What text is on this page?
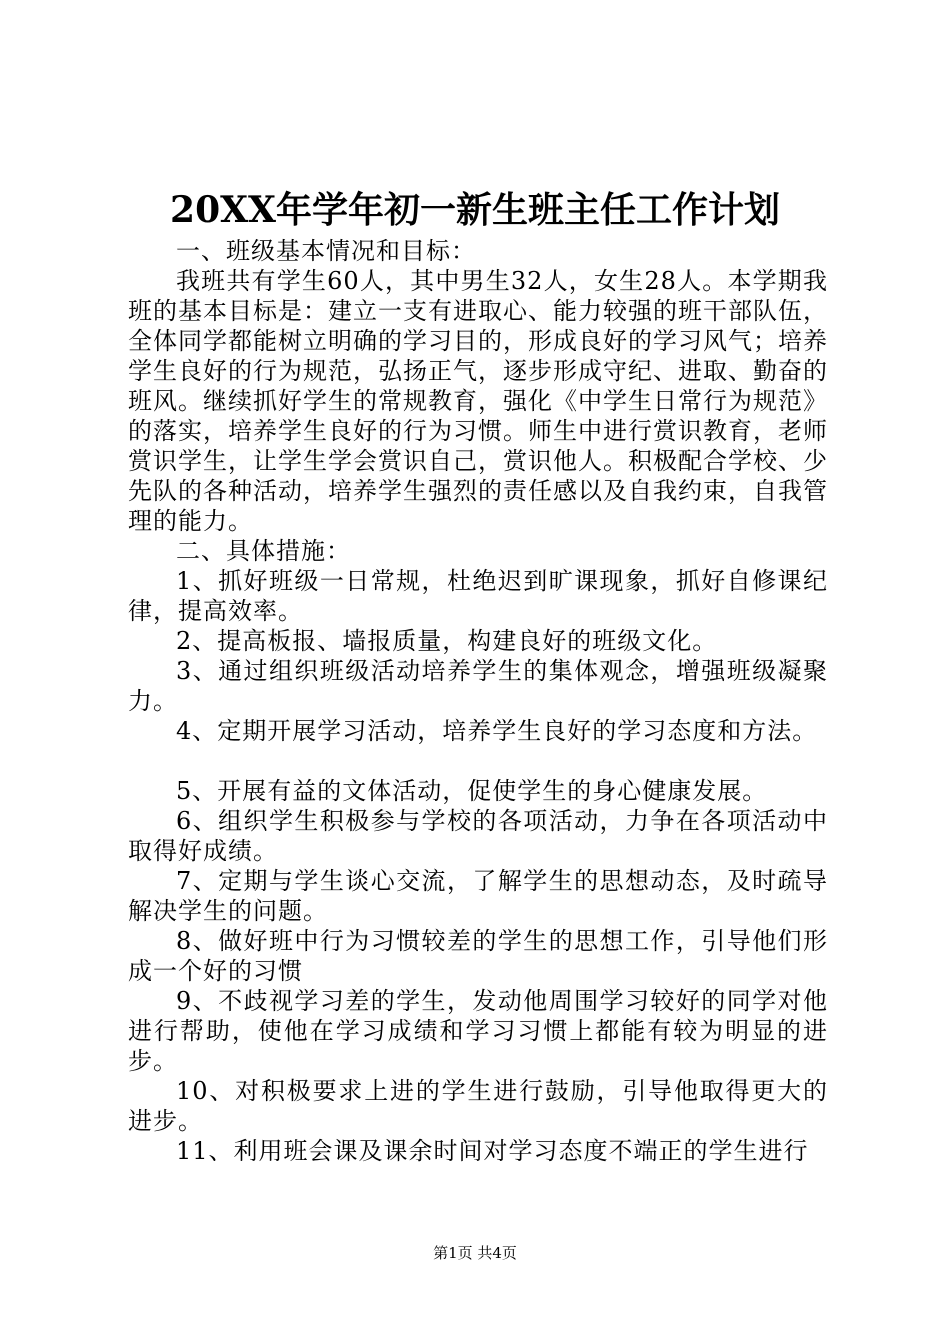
20XX年学年初一新生班主任工作计划

一、班级基本情况和目标：

我班共有学生60人，其中男生32人，女生28人。本学期我班的基本目标是：建立一支有进取心、能力较强的班干部队伍，全体同学都能树立明确的学习目的，形成良好的学习风气；培养学生良好的行为规范，弘扬正气，逐步形成守纪、进取、勤奋的班风。继续抓好学生的常规教育，强化《中学生日常行为规范》的落实，培养学生良好的行为习惯。师生中进行赏识教育，老师赏识学生，让学生学会赏识自己，赏识他人。积极配合学校、少先队的各种活动，培养学生强烈的责任感以及自我约束，自我管理的能力。

二、具体措施：

1、抓好班级一日常规，杜绝迟到旷课现象，抓好自修课纪律，提高效率。

2、提高板报、墙报质量，构建良好的班级文化。

3、通过组织班级活动培养学生的集体观念，增强班级凝聚力。

4、定期开展学习活动，培养学生良好的学习态度和方法。

5、开展有益的文体活动，促使学生的身心健康发展。

6、组织学生积极参与学校的各项活动，力争在各项活动中取得好成绩。

7、定期与学生谈心交流，了解学生的思想动态，及时疏导解决学生的问题。

8、做好班中行为习惯较差的学生的思想工作，引导他们形成一个好的习惯

9、不歧视学习差的学生，发动他周围学习较好的同学对他进行帮助，使他在学习成绩和学习习惯上都能有较为明显的进步。

10、对积极要求上进的学生进行鼓励，引导他取得更大的进步。

11、利用班会课及课余时间对学习态度不端正的学生进行

第1页 共4页
